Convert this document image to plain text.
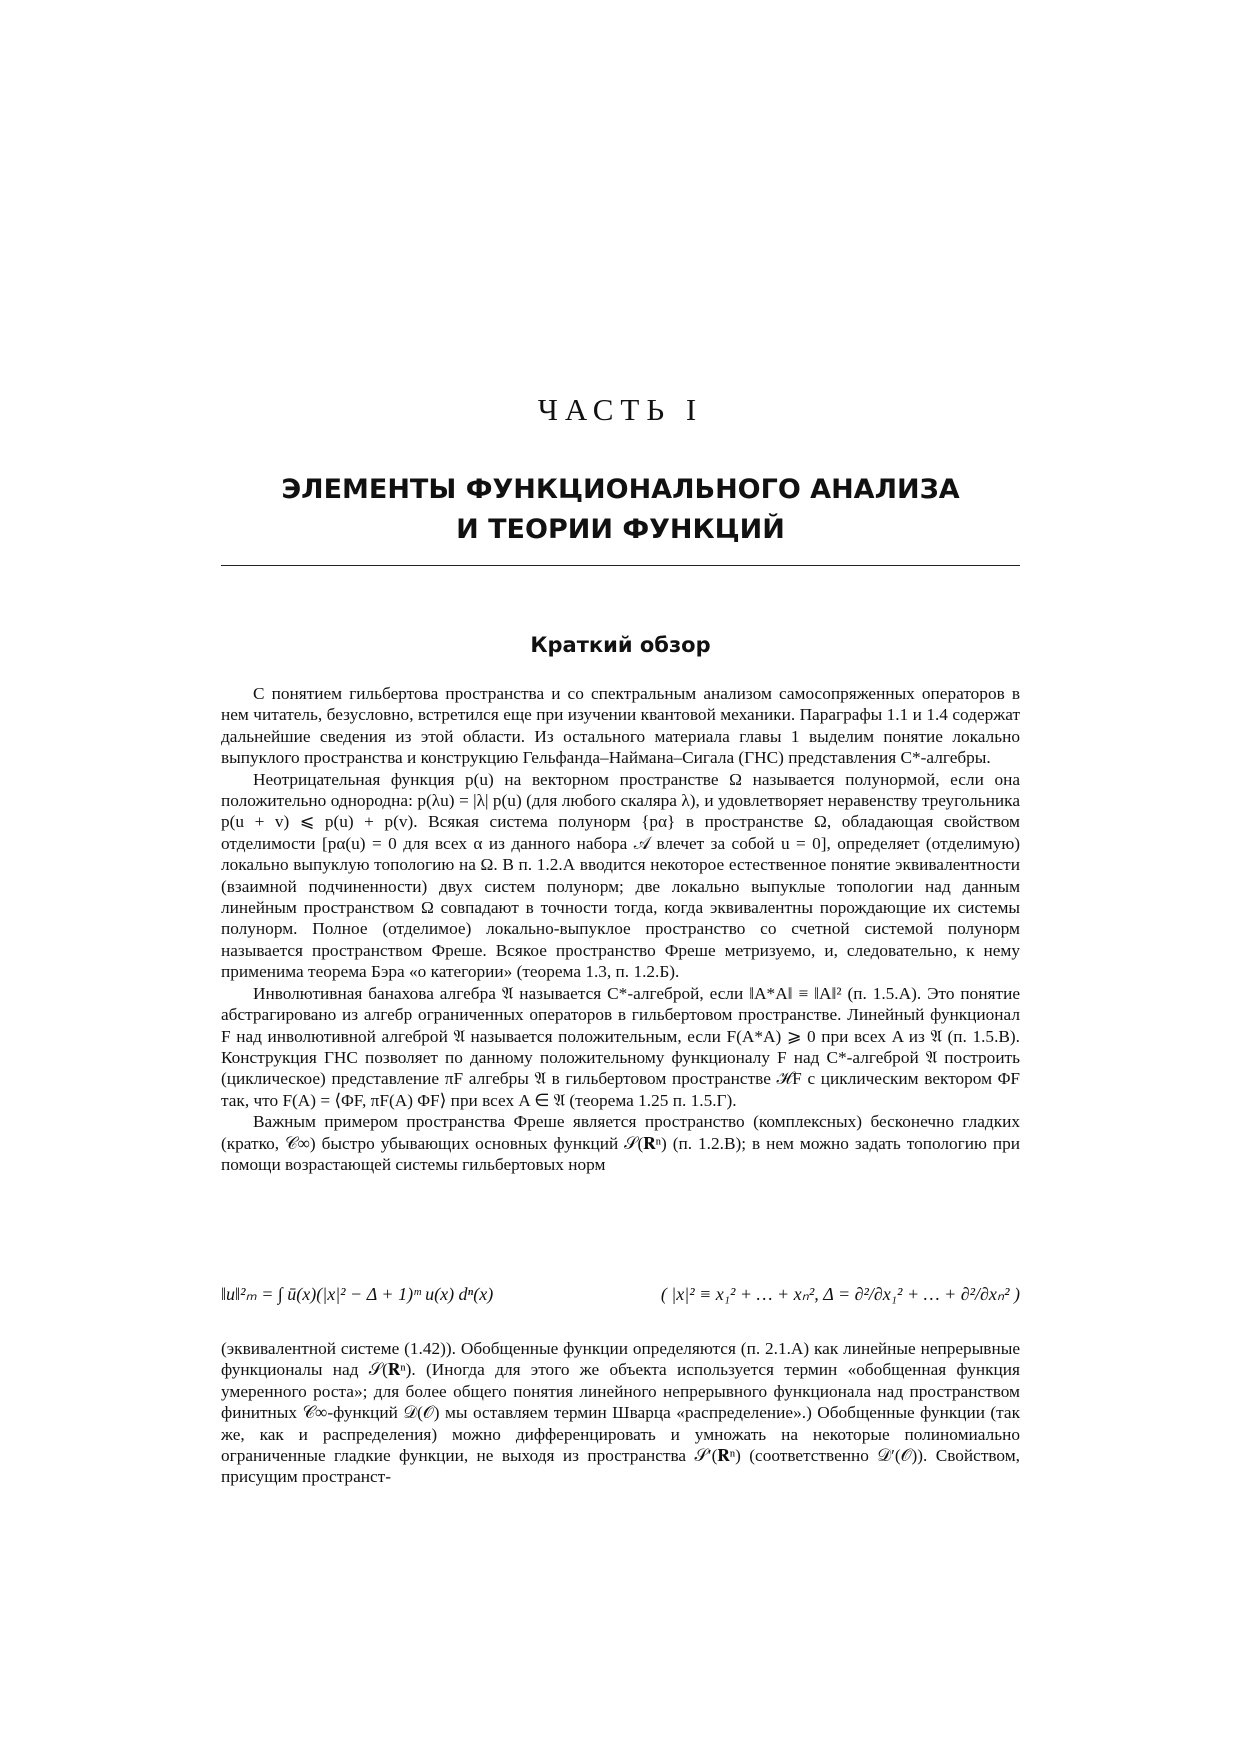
ЧАСТЬ I
ЭЛЕМЕНТЫ ФУНКЦИОНАЛЬНОГО АНАЛИЗА
И ТЕОРИИ ФУНКЦИЙ
Краткий обзор

С понятием гильбертова пространства и со спектральным анализом самосопряженных операторов в нем читатель, безусловно, встретился еще при изучении квантовой механики. Параграфы 1.1 и 1.4 содержат дальнейшие сведения из этой области. Из остального материала главы 1 выделим понятие локально выпуклого пространства и конструкцию Гельфанда–Наймана–Сигала (ГНС) представления C*-алгебры.

Неотрицательная функция p(u) на векторном пространстве Ω называется полунормой, если она положительно однородна: p(λu) = |λ| p(u) (для любого скаляра λ), и удовлетворяет неравенству треугольника p(u + v) ⩽ p(u) + p(v). Всякая система полунорм {pα} в пространстве Ω, обладающая свойством отделимости [pα(u) = 0 для всех α из данного набора 𝒜 влечет за собой u = 0], определяет (отделимую) локально выпуклую топологию на Ω. В п. 1.2.А вводится некоторое естественное понятие эквивалентности (взаимной подчиненности) двух систем полунорм; две локально выпуклые топологии над данным линейным пространством Ω совпадают в точности тогда, когда эквивалентны порождающие их системы полунорм. Полное (отделимое) локально-выпуклое пространство со счетной системой полунорм называется пространством Фреше. Всякое пространство Фреше метризуемо, и, следовательно, к нему применима теорема Бэра «о категории» (теорема 1.3, п. 1.2.Б).

Инволютивная банахова алгебра 𝔄 называется C*-алгеброй, если ‖A*A‖ ≡ ‖A‖² (п. 1.5.А). Это понятие абстрагировано из алгебр ограниченных операторов в гильбертовом пространстве. Линейный функционал F над инволютивной алгеброй 𝔄 называется положительным, если F(A*A) ⩾ 0 при всех A из 𝔄 (п. 1.5.В). Конструкция ГНС позволяет по данному положительному функционалу F над C*-алгеброй 𝔄 построить (циклическое) представление πF алгебры 𝔄 в гильбертовом пространстве ℋF с циклическим вектором ΦF так, что F(A) = ⟨ΦF, πF(A) ΦF⟩ при всех A ∈ 𝔄 (теорема 1.25 п. 1.5.Г).

Важным примером пространства Фреше является пространство (комплексных) бесконечно гладких (кратко, 𝒞∞) быстро убывающих основных функций 𝒮(𝐑ⁿ) (п. 1.2.В); в нем можно задать топологию при помощи возрастающей системы гильбертовых норм

‖u‖²ₘ = ∫ ū(x)(|x|² − Δ + 1)ᵐ u(x) dⁿ(x)	( |x|² ≡ x₁² + … + xₙ², Δ = ∂²/∂x₁² + … + ∂²/∂xₙ² )

(эквивалентной системе (1.42)). Обобщенные функции определяются (п. 2.1.А) как линейные непрерывные функционалы над 𝒮(𝐑ⁿ). (Иногда для этого же объекта используется термин «обобщенная функция умеренного роста»; для более общего понятия линейного непрерывного функционала над пространством финитных 𝒞∞-функций 𝒟(𝒪) мы оставляем термин Шварца «распределение».) Обобщенные функции (так же, как и распределения) можно дифференцировать и умножать на некоторые полиномиально ограниченные гладкие функции, не выходя из пространства 𝒮′(𝐑ⁿ) (соответственно 𝒟′(𝒪)). Свойством, присущим пространст-
